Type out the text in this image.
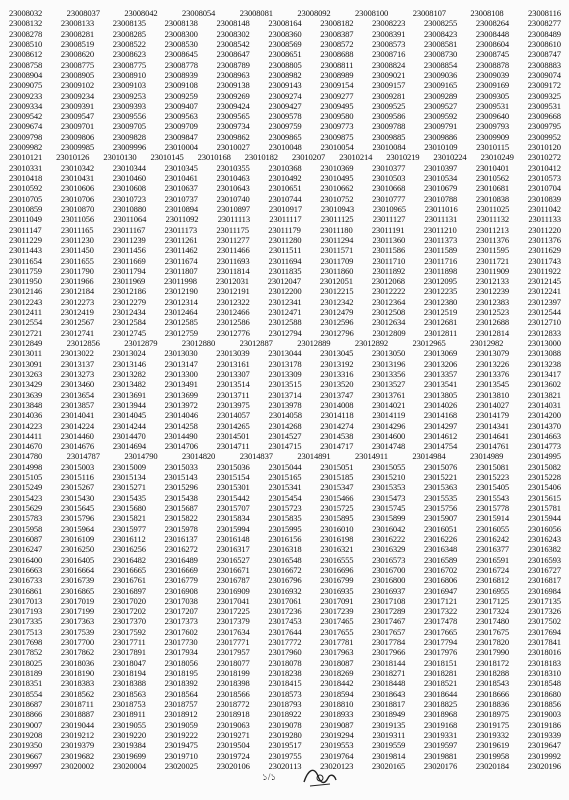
23008032	23008037	23008042	23008054	23008081	23008092	23008100	23008107	23008108	23008116
23008132 23008133 23008135 23008138 23008148 23008164 23008182 23008223 23008255 23008264 23008277
23008278 23008281 23008285 23008300 23008302 23008360 23008387 23008391 23008423 23008448 23008489
23008510 23008519 23008522 23008530 23008542 23008569 23008572 23008573 23008581 23008604 23008610
23008612 23008620 23008623 23008645 23008647 23008651 23008688 23008716 23008730 23008745 23008747
23008758 23008775 23008775 23008778 23008789 23008805 23008811 23008824 23008854 23008878 23008883
23008904 23008905 23008910 23008939 23008963 23008982 23008989 23009021 23009036 23009039 23009074
23009075 23009102 23009103 23009108 23009138 23009143 23009154 23009157 23009165 23009169 23009172
23009233 23009234 23009253 23009259 23009269 23009274 23009277 23009281 23009289 23009305 23009325
23009334 23009391 23009393 23009407 23009424 23009427 23009495 23009525 23009527 23009531 23009531
23009542 23009547 23009556 23009563 23009565 23009578 23009580 23009586 23009592 23009640 23009668
23009674 23009701 23009705 23009709 23009734 23009759 23009773 23009788 23009791 23009793 23009795
23009798 23009806 23009828 23009847 23009862 23009865 23009875 23009885 23009886 23009909 23009952
23009982 23009985 23009996 23010004 23010027 23010048 23010054 23010084 23010109 23010115 23010120
23010121 23010126 23010130 23010145 23010168 23010182 23010207 23010214 23010219 23010224 23010249 23010272
23010331 23010342 23010344 23010345 23010355 23010368 23010369 23010377 23010397 23010401 23010412
23010418 23010431 23010460 23010461 23010463 23010492 23010495 23010503 23010534 23010562 23010573
23010592 23010606 23010608 23010637 23010643 23010651 23010662 23010668 23010679 23010681 23010704
23010705 23010706 23010723 23010737 23010740 23010744 23010752 23010777 23010788 23010838 23010839
23010859 23010870 23010880 23010894 23010897 23010917 23010943 23010965 23011016 23011025 23011042
23011049 23011056 23011064 23011092 23011113 23011117 23011125 23011127 23011131 23011132 23011133
23011147 23011165 23011167 23011173 23011175 23011179 23011180 23011191 23011210 23011213 23011220
23011229 23011230 23011239 23011261 23011277 23011280 23011294 23011360 23011373 23011376 23011376
23011443 23011450 23011456 23011462 23011466 23011511 23011571 23011586 23011589 23011595 23011629
23011654 23011655 23011669 23011674 23011693 23011694 23011709 23011710 23011716 23011721 23011743
23011759 23011790 23011794 23011807 23011814 23011835 23011860 23011892 23011898 23011909 23011922
23011950 23011966 23011969 23011998 23012031 23012047 23012051 23012068 23012095 23012133 23012145
23012146 23012184 23012186 23012190 23012191 23012200 23012215 23012222 23012235 23012239 23012241
23012243 23012273 23012279 23012314 23012322 23012341 23012342 23012364 23012380 23012383 23012397
23012411 23012419 23012434 23012464 23012466 23012471 23012479 23012508 23012519 23012523 23012544
23012554 23012567 23012584 23012585 23012586 23012588 23012596 23012634 23012681 23012688 23012710
23012721 23012741 23012745 23012759 23012776 23012794 23012796 23012809 23012811 23012814 23012833
23012849	23012856	23012879	23012880	23012887	23012889	23012892	23012965	23012982	23013000
23013011 23013022 23013024 23013030 23013039 23013044 23013045 23013050 23013069 23013079 23013088
23013091 23013137 23013146 23013147 23013161 23013178 23013192 23013196 23013206 23013226 23013238
23013263 23013273 23013282 23013300 23013307 23013309 23013316 23013356 23013357 23013376 23013417
23013429 23013460 23013482 23013491 23013514 23013515 23013520 23013527 23013541 23013545 23013602
23013639 23013654 23013691 23013699 23013711 23013714 23013747 23013761 23013805 23013810 23013821
23013848 23013857 23013944 23013972 23013975 23013978 23014008 23014021 23014026 23014027 23014031
23014036 23014041 23014045 23014046 23014057 23014058 23014118 23014119 23014168 23014179 23014200
23014223 23014224 23014244 23014258 23014265 23014268 23014274 23014296 23014297 23014341 23014370
23014411 23014460 23014470 23014490 23014501 23014527 23014538 23014600 23014612 23014641 23014663
23014670 23014676 23014694 23014706 23014711 23014715 23014717 23014748 23014754 23014761 23014773
23014780	23014787	23014790	23014820	23014837	23014891	23014911	23014984	23014989	23014995
23014998 23015003 23015009 23015033 23015036 23015044 23015051 23015055 23015076 23015081 23015082
23015105 23015116 23015134 23015143 23015154 23015165 23015185 23015210 23015221 23015223 23015228
23015249 23015267 23015271 23015296 23015301 23015341 23015347 23015353 23015363 23015405 23015406
23015423 23015430 23015435 23015438 23015442 23015454 23015466 23015473 23015535 23015543 23015615
23015629 23015645 23015680 23015687 23015707 23015723 23015725 23015745 23015756 23015778 23015781
23015783 23015796 23015821 23015822 23015834 23015835 23015895 23015899 23015907 23015914 23015944
23015958 23015964 23015977 23015978 23015994 23015995 23016010 23016042 23016051 23016055 23016056
23016087 23016109 23016112 23016137 23016148 23016156 23016198 23016222 23016226 23016242 23016243
23016247 23016250 23016256 23016272 23016317 23016318 23016321 23016329 23016348 23016377 23016382
23016400 23016405 23016482 23016489 23016527 23016548 23016555 23016573 23016589 23016591 23016593
23016663 23016664 23016665 23016669 23016671 23016672 23016696 23016700 23016702 23016724 23016727
23016733 23016739 23016761 23016779 23016787 23016796 23016799 23016800 23016806 23016812 23016817
23016861 23016865 23016897 23016908 23016909 23016932 23016935 23016937 23016947 23016955 23016984
23017013 23017019 23017020 23017038 23017041 23017061 23017091 23017108 23017121 23017125 23017135
23017193 23017199 23017202 23017207 23017225 23017236 23017239 23017289 23017322 23017324 23017326
23017335 23017363 23017370 23017373 23017379 23017453 23017465 23017467 23017478 23017480 23017502
23017513 23017539 23017592 23017602 23017634 23017644 23017655 23017657 23017665 23017675 23017694
23017698 23017700 23017711 23017730 23017771 23017772 23017781 23017784 23017794 23017820 23017841
23017852 23017862 23017891 23017934 23017957 23017960 23017963 23017966 23017976 23017990 23018016
23018025 23018036 23018047 23018056 23018077 23018078 23018087 23018144 23018151 23018172 23018183
23018189 23018190 23018194 23018195 23018199 23018238 23018269 23018271 23018281 23018288 23018310
23018351 23018383 23018388 23018392 23018398 23018415 23018442 23018448 23018521 23018543 23018548
23018554 23018562 23018563 23018564 23018566 23018573 23018594 23018643 23018644 23018666 23018680
23018687 23018711 23018753 23018757 23018772 23018793 23018810 23018817 23018825 23018836 23018856
23018866 23018887 23018911 23018912 23018918 23018922 23018933 23018949 23018968 23018975 23019003
23019007 23019044 23019055 23019059 23019063 23019078 23019087 23019135 23019168 23019175 23019186
23019208 23019212 23019220 23019222 23019271 23019280 23019294 23019311 23019331 23019332 23019339
23019350 23019379 23019384 23019475 23019504 23019517 23019553 23019559 23019597 23019619 23019647
23019667 23019682 23019699 23019710 23019724 23019755 23019764 23019814 23019881 23019958 23019992
23019997 23020002 23020004 23020025 23020106 23020113 23020123 23020165 23020176 23020184 23020196
১/১
